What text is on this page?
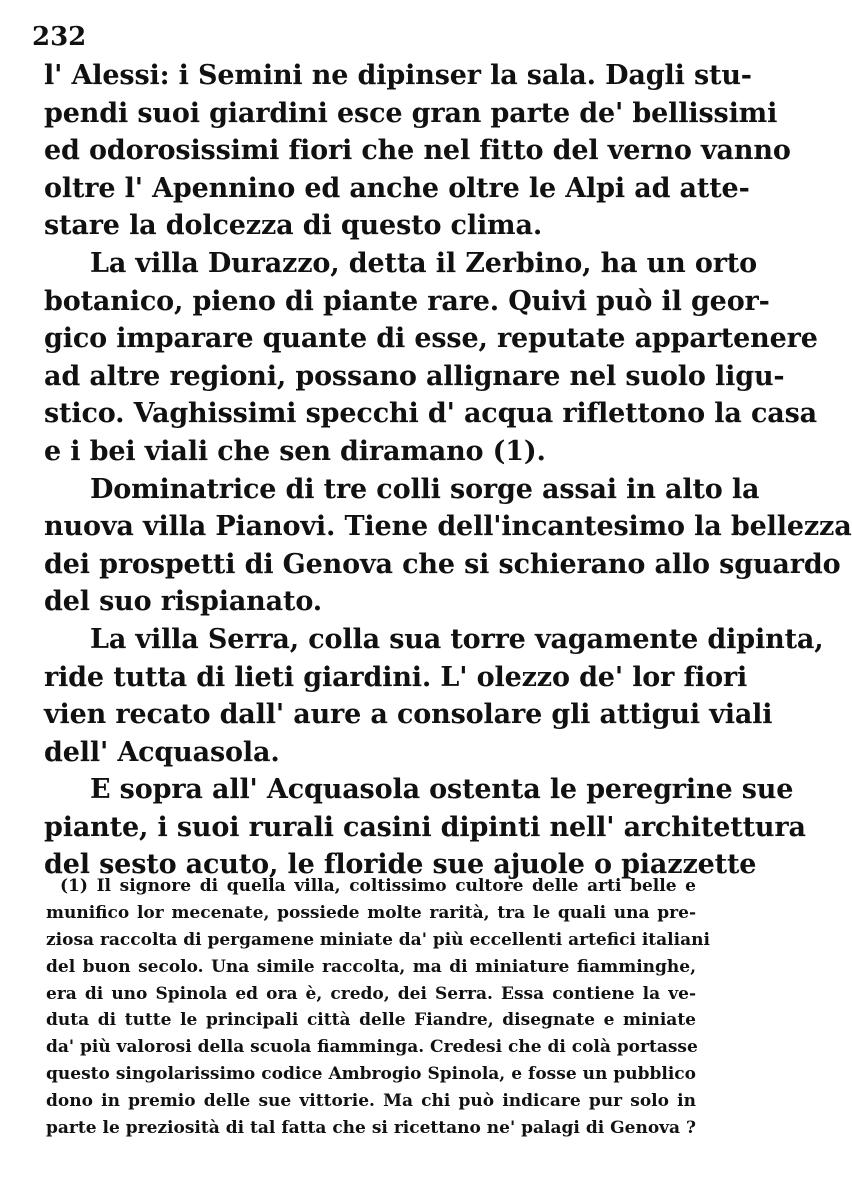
232
l' Alessi: i Semini ne dipinser la sala. Dagli stu-
pendi suoi giardini esce gran parte de' bellissimi
ed odorosissimi fiori che nel fitto del verno vanno
oltre l' Apennino ed anche oltre le Alpi ad atte-
stare la dolcezza di questo clima.
La villa Durazzo, detta il Zerbino, ha un orto
botanico, pieno di piante rare. Quivi può il geor-
gico imparare quante di esse, reputate appartenere
ad altre regioni, possano allignare nel suolo ligu-
stico. Vaghissimi specchi d' acqua riflettono la casa
e i bei viali che sen diramano (1).
Dominatrice di tre colli sorge assai in alto la
nuova villa Pianovi. Tiene dell'incantesimo la bellezza
dei prospetti di Genova che si schierano allo sguardo
del suo rispianato.
La villa Serra, colla sua torre vagamente dipinta,
ride tutta di lieti giardini. L' olezzo de' lor fiori
vien recato dall' aure a consolare gli attigui viali
dell' Acquasola.
E sopra all' Acquasola ostenta le peregrine sue
piante, i suoi rurali casini dipinti nell' architettura
del sesto acuto, le floride sue ajuole o piazzette
(1) Il signore di quella villa, coltissimo cultore delle arti belle e
munifico lor mecenate, possiede molte rarità, tra le quali una pre-
ziosa raccolta di pergamene miniate da' più eccellenti artefici italiani
del buon secolo. Una simile raccolta, ma di miniature fiamminghe,
era di uno Spinola ed ora è, credo, dei Serra. Essa contiene la ve-
duta di tutte le principali città delle Fiandre, disegnate e miniate
da' più valorosi della scuola fiamminga. Credesi che di colà portasse
questo singolarissimo codice Ambrogio Spinola, e fosse un pubblico
dono in premio delle sue vittorie. Ma chi può indicare pur solo in
parte le preziosità di tal fatta che si ricettano ne' palagi di Genova ?
